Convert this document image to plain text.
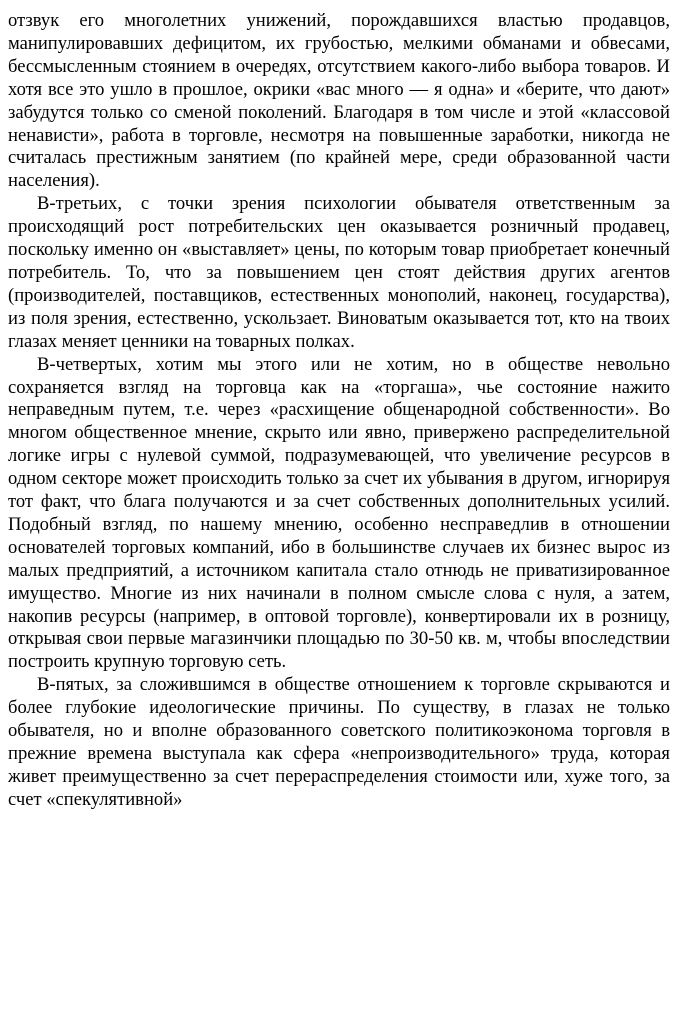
отзвук его многолетних унижений, порождавшихся властью продавцов, манипулировавших дефицитом, их грубостью, мелкими обманами и обвесами, бессмысленным стоянием в очередях, отсутствием какого-либо выбора товаров. И хотя все это ушло в прошлое, окрики «вас много — я одна» и «берите, что дают» забудутся только со сменой поколений. Благодаря в том числе и этой «классовой ненависти», работа в торговле, несмотря на повышенные заработки, никогда не считалась престижным занятием (по крайней мере, среди образованной части населения).

В-третьих, с точки зрения психологии обывателя ответственным за происходящий рост потребительских цен оказывается розничный продавец, поскольку именно он «выставляет» цены, по которым товар приобретает конечный потребитель. То, что за повышением цен стоят действия других агентов (производителей, поставщиков, естественных монополий, наконец, государства), из поля зрения, естественно, ускользает. Виноватым оказывается тот, кто на твоих глазах меняет ценники на товарных полках.

В-четвертых, хотим мы этого или не хотим, но в обществе невольно сохраняется взгляд на торговца как на «торгаша», чье состояние нажито неправедным путем, т.е. через «расхищение общенародной собственности». Во многом общественное мнение, скрыто или явно, привержено распределительной логике игры с нулевой суммой, подразумевающей, что увеличение ресурсов в одном секторе может происходить только за счет их убывания в другом, игнорируя тот факт, что блага получаются и за счет собственных дополнительных усилий. Подобный взгляд, по нашему мнению, особенно несправедлив в отношении основателей торговых компаний, ибо в большинстве случаев их бизнес вырос из малых предприятий, а источником капитала стало отнюдь не приватизированное имущество. Многие из них начинали в полном смысле слова с нуля, а затем, накопив ресурсы (например, в оптовой торговле), конвертировали их в розницу, открывая свои первые магазинчики площадью по 30-50 кв. м, чтобы впоследствии построить крупную торговую сеть.

В-пятых, за сложившимся в обществе отношением к торговле скрываются и более глубокие идеологические причины. По существу, в глазах не только обывателя, но и вполне образованного советского политикоэконома торговля в прежние времена выступала как сфера «непроизводительного» труда, которая живет преимущественно за счет перераспределения стоимости или, хуже того, за счет «спекулятивной»
